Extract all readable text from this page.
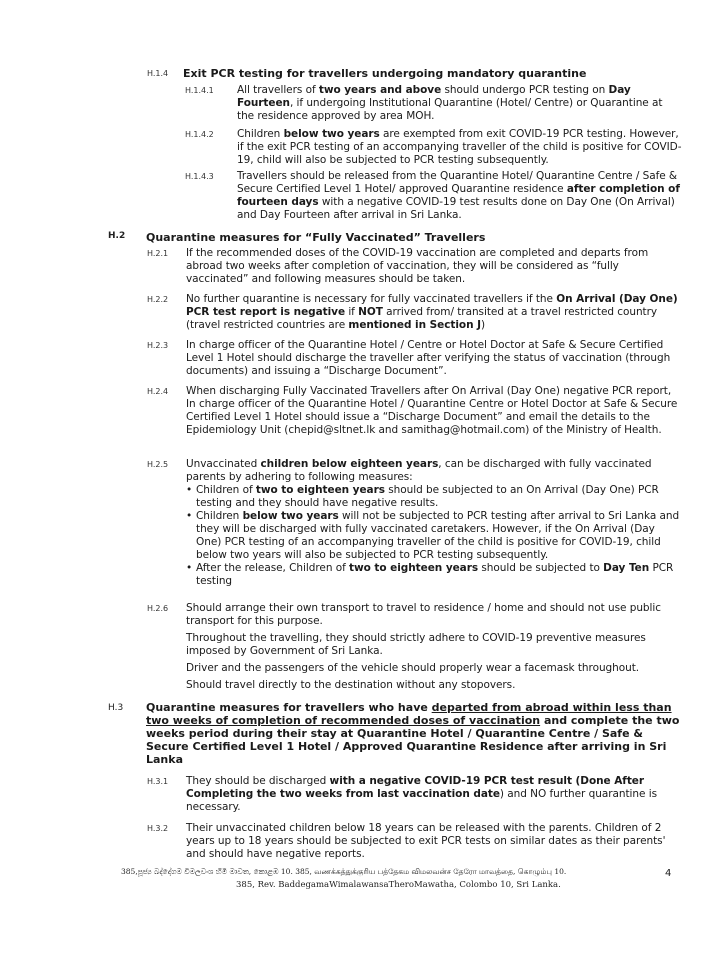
H.1.4 Exit PCR testing for travellers undergoing mandatory quarantine
H.1.4.1 All travellers of two years and above should undergo PCR testing on Day Fourteen, if undergoing Institutional Quarantine (Hotel/ Centre) or Quarantine at the residence approved by area MOH.
H.1.4.2 Children below two years are exempted from exit COVID-19 PCR testing. However, if the exit PCR testing of an accompanying traveller of the child is positive for COVID-19, child will also be subjected to PCR testing subsequently.
H.1.4.3 Travellers should be released from the Quarantine Hotel/ Quarantine Centre / Safe & Secure Certified Level 1 Hotel/ approved Quarantine residence after completion of fourteen days with a negative COVID-19 test results done on Day One (On Arrival) and Day Fourteen after arrival in Sri Lanka.
H.2 Quarantine measures for “Fully Vaccinated” Travellers
H.2.1 If the recommended doses of the COVID-19 vaccination are completed and departs from abroad two weeks after completion of vaccination, they will be considered as “fully vaccinated” and following measures should be taken.
H.2.2 No further quarantine is necessary for fully vaccinated travellers if the On Arrival (Day One) PCR test report is negative if NOT arrived from/ transited at a travel restricted country (travel restricted countries are mentioned in Section J)
H.2.3 In charge officer of the Quarantine Hotel / Centre or Hotel Doctor at Safe & Secure Certified Level 1 Hotel should discharge the traveller after verifying the status of vaccination (through documents) and issuing a “Discharge Document”.
H.2.4 When discharging Fully Vaccinated Travellers after On Arrival (Day One) negative PCR report, In charge officer of the Quarantine Hotel / Quarantine Centre or Hotel Doctor at Safe & Secure Certified Level 1 Hotel should issue a “Discharge Document” and email the details to the Epidemiology Unit (chepid@sltnet.lk and samithag@hotmail.com) of the Ministry of Health.
H.2.5 Unvaccinated children below eighteen years, can be discharged with fully vaccinated parents by adhering to following measures:
• Children of two to eighteen years should be subjected to an On Arrival (Day One) PCR testing and they should have negative results.
• Children below two years will not be subjected to PCR testing after arrival to Sri Lanka and they will be discharged with fully vaccinated caretakers. However, if the On Arrival (Day One) PCR testing of an accompanying traveller of the child is positive for COVID-19, child below two years will also be subjected to PCR testing subsequently.
• After the release, Children of two to eighteen years should be subjected to Day Ten PCR testing
H.2.6 Should arrange their own transport to travel to residence / home and should not use public transport for this purpose.

Throughout the travelling, they should strictly adhere to COVID-19 preventive measures imposed by Government of Sri Lanka.

Driver and the passengers of the vehicle should properly wear a facemask throughout.

Should travel directly to the destination without any stopovers.

H.3 Quarantine measures for travellers who have departed from abroad within less than two weeks of completion of recommended doses of vaccination and complete the two weeks period during their stay at Quarantine Hotel / Quarantine Centre / Safe & Secure Certified Level 1 Hotel / Approved Quarantine Residence after arriving in Sri Lanka
H.3.1 They should be discharged with a negative COVID-19 PCR test result (Done After Completing the two weeks from last vaccination date) and NO further quarantine is necessary.
H.3.2 Their unvaccinated children below 18 years can be released with the parents. Children of 2 years up to 18 years should be subjected to exit PCR tests on similar dates as their parents' and should have negative reports.
385,පූජ්‍ය බද්දේගම විමලවංශ හිමි මාවත, කොළඹ 10. 385, வணக்கத்துக்குரிய பத்தேகம விமலவன்ச தேரோ மாவத்தை, கொழும்பு 10.
385, Rev. BaddegamaWimalawansaTheroMawatha, Colombo 10, Sri Lanka.
4
